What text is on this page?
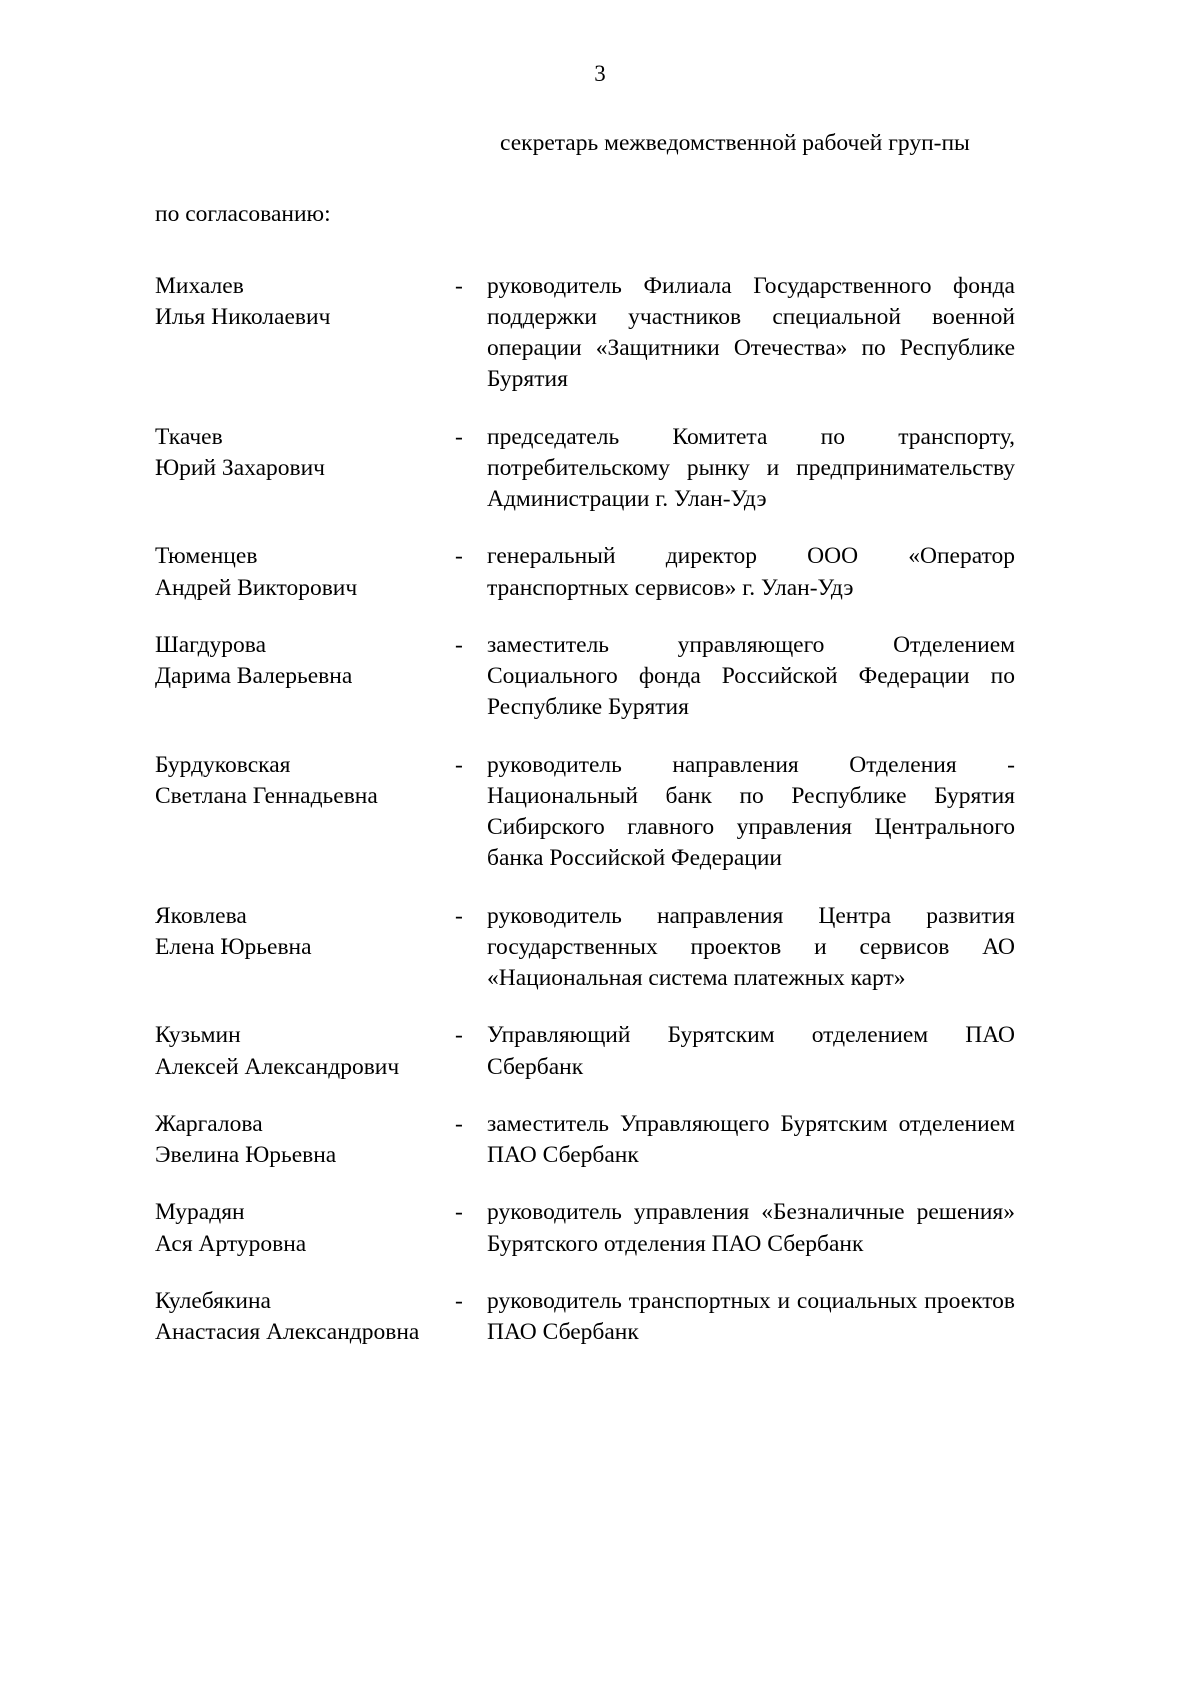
3
секретарь межведомственной рабочей груп-пы
по согласованию:
Михалев
Илья Николаевич
-	руководитель Филиала Государственного фонда поддержки участников специальной военной операции «Защитники Отечества» по Республике Бурятия
Ткачев
Юрий Захарович
-	председатель Комитета по транспорту, потребительскому рынку и предпринимательству Администрации г. Улан-Удэ
Тюменцев
Андрей Викторович
-	генеральный директор ООО «Оператор транспортных сервисов» г. Улан-Удэ
Шагдурова
Дарима Валерьевна
-	заместитель управляющего Отделением Социального фонда Российской Федерации по Республике Бурятия
Бурдуковская
Светлана Геннадьевна
-	руководитель направления Отделения - Национальный банк по Республике Бурятия Сибирского главного управления Центрального банка Российской Федерации
Яковлева
Елена Юрьевна
-	руководитель направления Центра развития государственных проектов и сервисов АО «Национальная система платежных карт»
Кузьмин
Алексей Александрович
-	Управляющий Бурятским отделением ПАО Сбербанк
Жаргалова
Эвелина Юрьевна
-	заместитель Управляющего Бурятским отделением ПАО Сбербанк
Мурадян
Ася Артуровна
-	руководитель управления «Безналичные решения» Бурятского отделения ПАО Сбербанк
Кулебякина
Анастасия Александровна
-	руководитель транспортных и социальных проектов ПАО Сбербанк
